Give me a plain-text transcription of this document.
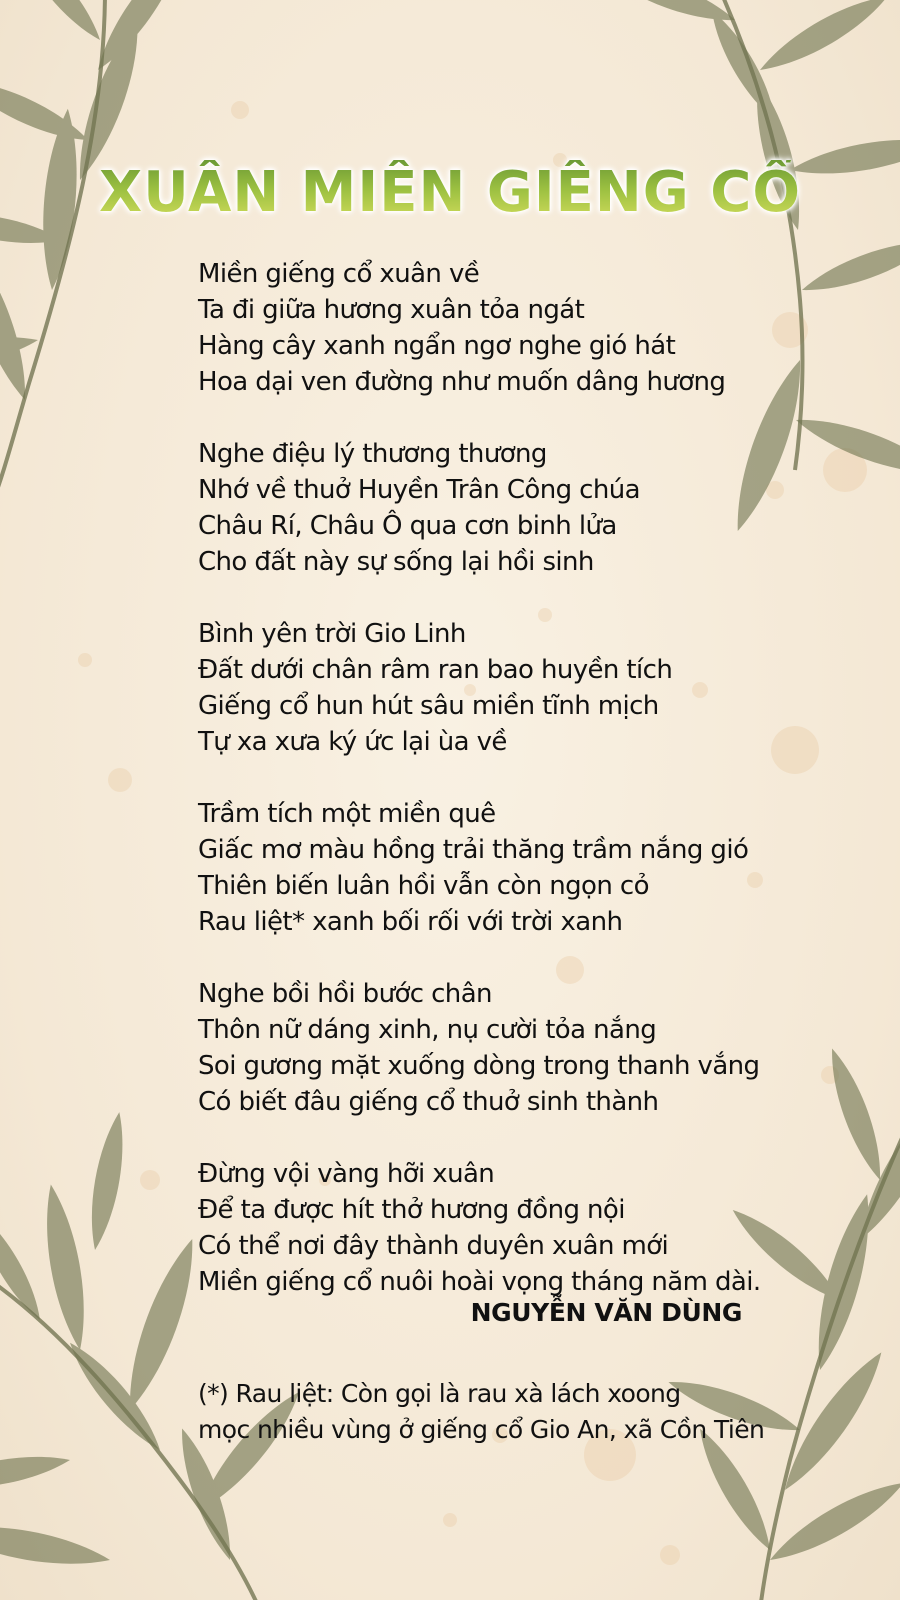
XUÂN MIỀN GIẾNG CỔ
Miền giếng cổ xuân về
Ta đi giữa hương xuân tỏa ngát
Hàng cây xanh ngẩn ngơ nghe gió hát
Hoa dại ven đường như muốn dâng hương
Nghe điệu lý thương thương
Nhớ về thuở Huyền Trân Công chúa
Châu Rí, Châu Ô qua cơn binh lửa
Cho đất này sự sống lại hồi sinh
Bình yên trời Gio Linh
Đất dưới chân râm ran bao huyền tích
Giếng cổ hun hút sâu miền tĩnh mịch
Tự xa xưa ký ức lại ùa về
Trầm tích một miền quê
Giấc mơ màu hồng trải thăng trầm nắng gió
Thiên biến luân hồi vẫn còn ngọn cỏ
Rau liệt* xanh bối rối với trời xanh
Nghe bồi hồi bước chân
Thôn nữ dáng xinh, nụ cười tỏa nắng
Soi gương mặt xuống dòng trong thanh vắng
Có biết đâu giếng cổ thuở sinh thành
Đừng vội vàng hỡi xuân
Để ta được hít thở hương đồng nội
Có thể nơi đây thành duyên xuân mới
Miền giếng cổ nuôi hoài vọng tháng năm dài.
NGUYỄN VĂN DÙNG
(*) Rau liệt: Còn gọi là rau xà lách xoong
mọc nhiều vùng ở giếng cổ Gio An, xã Cồn Tiên
